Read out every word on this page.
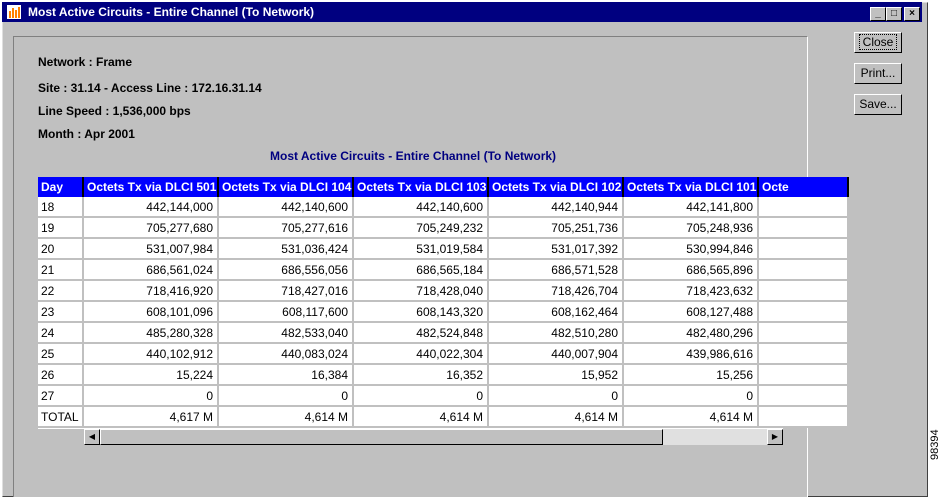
Most Active Circuits - Entire Channel (To Network)	_	□	×
Network : Frame
Site : 31.14 - Access Line : 172.16.31.14
Line Speed : 1,536,000 bps
Month : Apr 2001
Most Active Circuits - Entire Channel (To Network)
Day	Octets Tx via DLCI 501	Octets Tx via DLCI 104	Octets Tx via DLCI 103	Octets Tx via DLCI 102	Octets Tx via DLCI 101	Octe
18	442,144,000	442,140,600	442,140,600	442,140,944	442,141,800	
19	705,277,680	705,277,616	705,249,232	705,251,736	705,248,936	
20	531,007,984	531,036,424	531,019,584	531,017,392	530,994,846	
21	686,561,024	686,556,056	686,565,184	686,571,528	686,565,896	
22	718,416,920	718,427,016	718,428,040	718,426,704	718,423,632	
23	608,101,096	608,117,600	608,143,320	608,162,464	608,127,488	
24	485,280,328	482,533,040	482,524,848	482,510,280	482,480,296	
25	440,102,912	440,083,024	440,022,304	440,007,904	439,986,616	
26	15,224	16,384	16,352	15,952	15,256	
27	0	0	0	0	0	
TOTAL	4,617 M	4,614 M	4,614 M	4,614 M	4,614 M	
◀	▶
Close
Print...
Save...
98394
